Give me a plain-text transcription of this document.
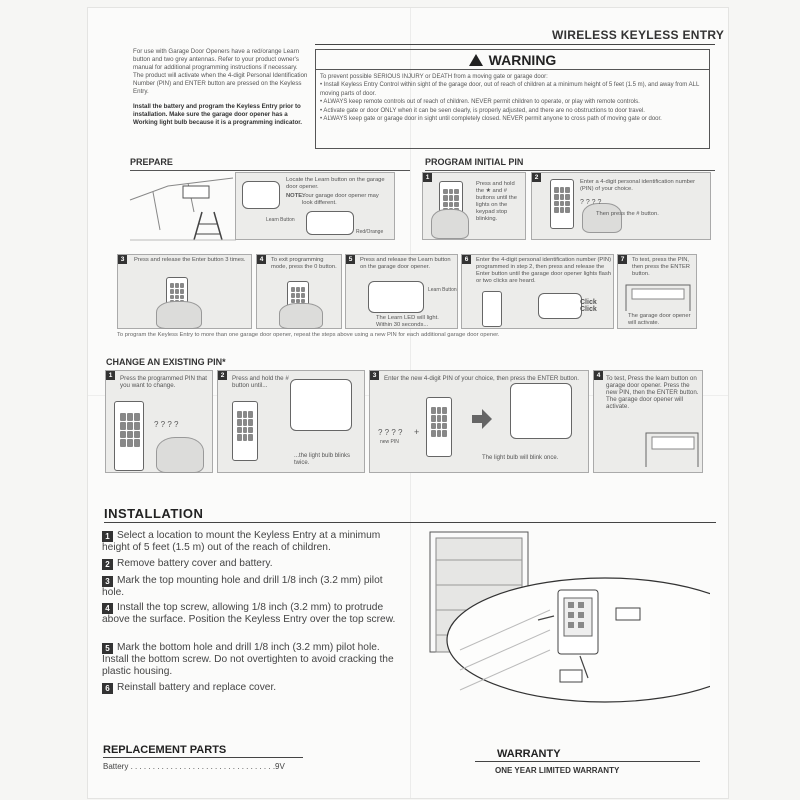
WIRELESS KEYLESS ENTRY
For use with Garage Door Openers have a red/orange Learn button and two grey antennas. Refer to your product owner's manual for additional programming instructions if necessary. The product will activate when the 4-digit Personal Identification Number (PIN) and ENTER button are pressed on the Keyless Entry.
Install the battery and program the Keyless Entry prior to installation. Make sure the garage door opener has a Working light bulb because it is a programming indicator.
WARNING
To prevent possible SERIOUS INJURY or DEATH from a moving gate or garage door:
• Install Keyless Entry Control within sight of the garage door, out of reach of children at a minimum height of 5 feet (1.5 m), and away from ALL moving parts of door.
• ALWAYS keep remote controls out of reach of children. NEVER permit children to operate, or play with remote controls.
• Activate gate or door ONLY when it can be seen clearly, is properly adjusted, and there are no obstructions to door travel.
• ALWAYS keep gate or garage door in sight until completely closed. NEVER permit anyone to cross path of moving gate or door.
PREPARE	PROGRAM INITIAL PIN
Locate the Learn button on the garage door opener.
NOTE:
Your garage door opener may look different.
Learn Button
Red/Orange
1
Press and hold the ★ and # buttons until the lights on the keypad stop blinking.
2
Enter a 4-digit personal identification number (PIN) of your choice.
? ? ? ?
Then press the # button.
3	Press and release the Enter button 3 times.	4	To exit programming mode, press the 0 button.
5	Press and release the Learn button on the garage door opener.
Learn Button
The Learn LED will light. Within 30 seconds...
6	Enter the 4-digit personal identification number (PIN) programmed in step 2, then press and release the Enter button until the garage door opener lights flash or two clicks are heard.
Click Click
7	To test, press the PIN, then press the ENTER button.
The garage door opener will activate.
To program the Keyless Entry to more than one garage door opener, repeat the steps above using a new PIN for each additional garage door opener.
CHANGE AN EXISTING PIN*
1	Press the programmed PIN that you want to change.
? ? ? ?
2	Press and hold the # button until...
...the light bulb blinks twice.
3	Enter the new 4-digit PIN of your choice, then press the ENTER button.
? ? ? ?
new PIN
+
The light bulb will blink once.
4 To test, Press the learn button on garage door opener. Press the new PIN, then the ENTER button. The garage door opener will activate.
INSTALLATION
1 Select a location to mount the Keyless Entry at a minimum height of 5 feet (1.5 m) out of the reach of children.
2 Remove battery cover and battery.
3 Mark the top mounting hole and drill 1/8 inch (3.2 mm) pilot hole.
4 Install the top screw, allowing 1/8 inch (3.2 mm) to protrude above the surface. Position the Keyless Entry over the top screw.
5 Mark the bottom hole and drill 1/8 inch (3.2 mm) pilot hole. Install the bottom screw. Do not overtighten to avoid cracking the plastic housing.
6 Reinstall battery and replace cover.
REPLACEMENT PARTS
Battery . . . . . . . . . . . . . . . . . . . . . . . . . . . . . . . . .9V
WARRANTY
ONE YEAR LIMITED WARRANTY
